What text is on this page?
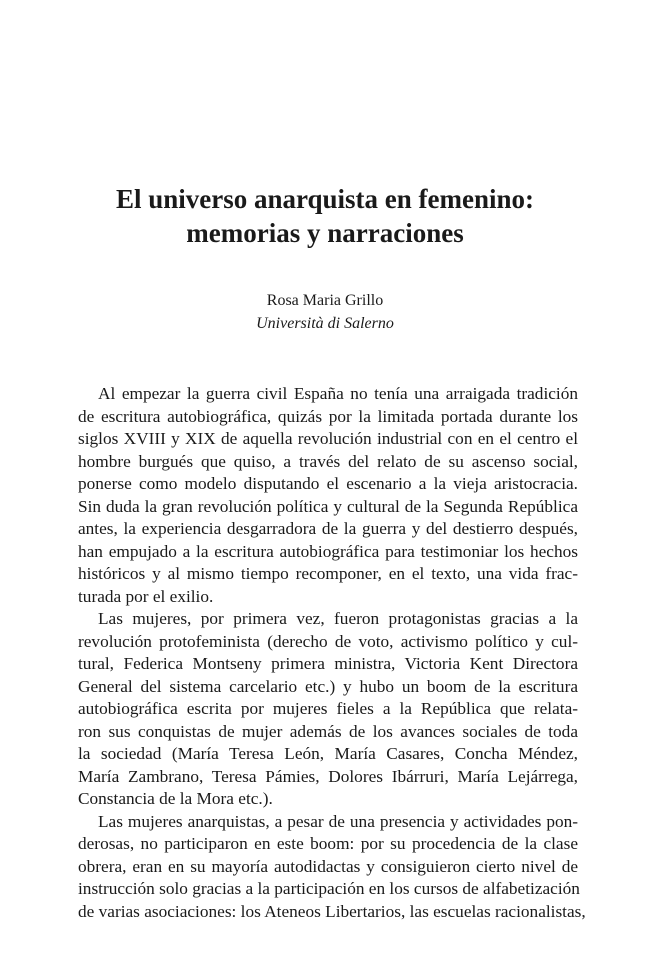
El universo anarquista en femenino:
memorias y narraciones
Rosa Maria Grillo
Università di Salerno
Al empezar la guerra civil España no tenía una arraigada tradición
de escritura autobiográfica, quizás por la limitada portada durante los
siglos XVIII y XIX de aquella revolución industrial con en el centro el
hombre burgués que quiso, a través del relato de su ascenso social,
ponerse como modelo disputando el escenario a la vieja aristocracia.
Sin duda la gran revolución política y cultural de la Segunda República
antes, la experiencia desgarradora de la guerra y del destierro después,
han empujado a la escritura autobiográfica para testimoniar los hechos
históricos y al mismo tiempo recomponer, en el texto, una vida frac-
turada por el exilio.
Las mujeres, por primera vez, fueron protagonistas gracias a la
revolución protofeminista (derecho de voto, activismo político y cul-
tural, Federica Montseny primera ministra, Victoria Kent Directora
General del sistema carcelario etc.) y hubo un boom de la escritura
autobiográfica escrita por mujeres fieles a la República que relata-
ron sus conquistas de mujer además de los avances sociales de toda
la sociedad (María Teresa León, María Casares, Concha Méndez,
María Zambrano, Teresa Pámies, Dolores Ibárruri, María Lejárrega,
Constancia de la Mora etc.).
Las mujeres anarquistas, a pesar de una presencia y actividades pon-
derosas, no participaron en este boom: por su procedencia de la clase
obrera, eran en su mayoría autodidactas y consiguieron cierto nivel de
instrucción solo gracias a la participación en los cursos de alfabetización
de varias asociaciones: los Ateneos Libertarios, las escuelas racionalistas,
